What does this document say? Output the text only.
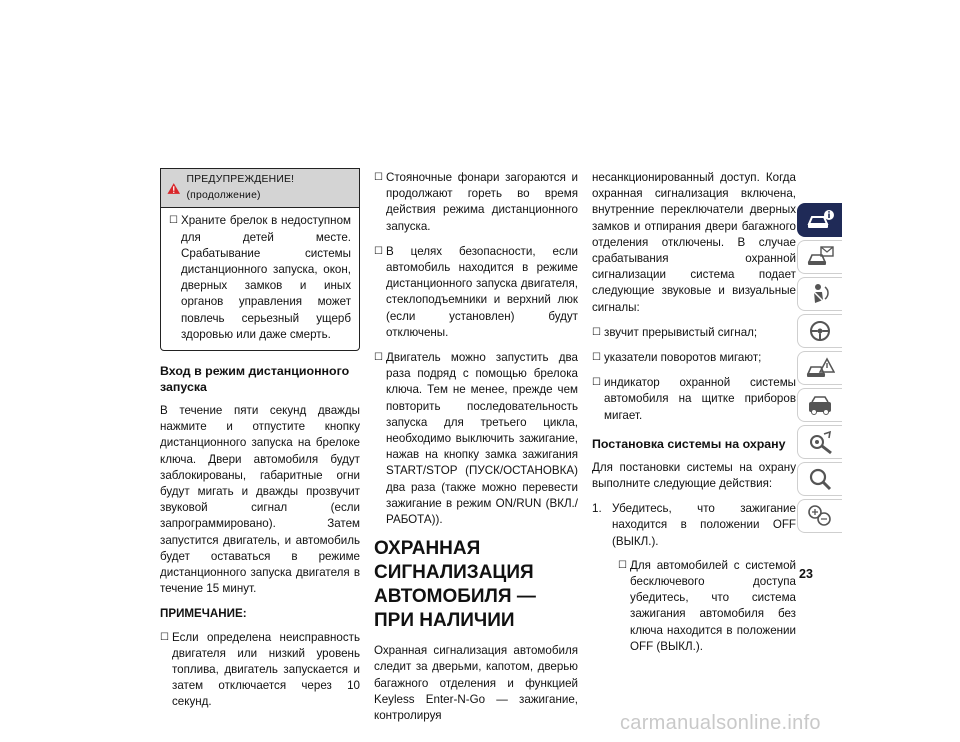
ПРЕДУПРЕЖДЕНИЕ! (продолжение)
☐ Храните брелок в недоступном для детей месте. Срабатывание системы дистанционного запуска, окон, дверных замков и иных органов управления может повлечь серьезный ущерб здоровью или даже смерть.
Вход в режим дистанционного запуска

В течение пяти секунд дважды нажмите и отпустите кнопку дистанционного запуска на брелоке ключа. Двери автомобиля будут заблокированы, габаритные огни будут мигать и дважды прозвучит звуковой сигнал (если запрограммировано). Затем запустится двигатель, и автомобиль будет оставаться в режиме дистанционного запуска двигателя в течение 15 минут.

ПРИМЕЧАНИЕ:
☐ Если определена неисправность двигателя или низкий уровень топлива, двигатель запускается и затем отключается через 10 секунд.
☐ Стояночные фонари загораются и продолжают гореть во время действия режима дистанционного запуска.
☐ В целях безопасности, если автомобиль находится в режиме дистанционного запуска двигателя, стеклоподъемники и верхний люк (если установлен) будут отключены.
☐ Двигатель можно запустить два раза подряд с помощью брелока ключа. Тем не менее, прежде чем повторить последовательность запуска для третьего цикла, необходимо выключить зажигание, нажав на кнопку замка зажигания START/STOP (ПУСК/ОСТАНОВКА) два раза (также можно перевести зажигание в режим ON/RUN (ВКЛ./РАБОТА)).
ОХРАННАЯ СИГНАЛИЗАЦИЯ АВТОМОБИЛЯ — ПРИ НАЛИЧИИ

Охранная сигнализация автомобиля следит за дверьми, капотом, дверью багажного отделения и функцией Keyless Enter-N-Go — зажигание, контролируя

несанкционированный доступ. Когда охранная сигнализация включена, внутренние переключатели дверных замков и отпирания двери багажного отделения отключены. В случае срабатывания охранной сигнализации система подает следующие звуковые и визуальные сигналы:

☐ звучит прерывистый сигнал;
☐ указатели поворотов мигают;
☐ индикатор охранной системы автомобиля на щитке приборов мигает.
Постановка системы на охрану

Для постановки системы на охрану выполните следующие действия:

1. Убедитесь, что зажигание находится в положении OFF (ВЫКЛ.).
☐ Для автомобилей с системой бесключевого доступа убедитесь, что система зажигания автомобиля без ключа находится в положении OFF (ВЫКЛ.).
23
carmanualsonline.info
